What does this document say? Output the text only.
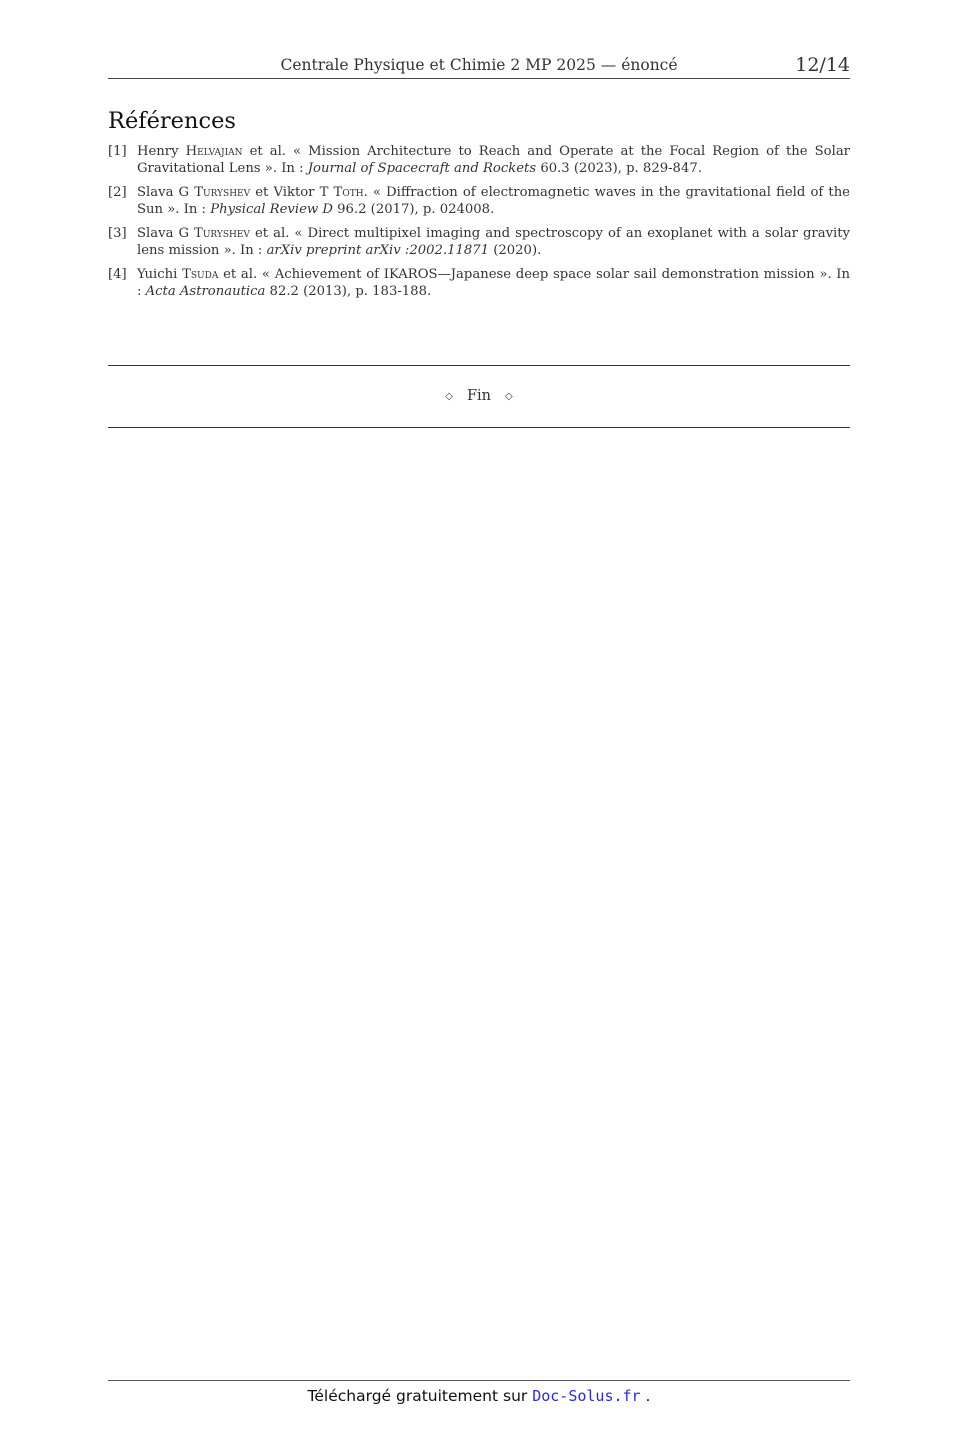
Centrale Physique et Chimie 2 MP 2025 — énoncé	12/14
Références
[1] Henry Helvajian et al. « Mission Architecture to Reach and Operate at the Focal Region of the Solar Gravitational Lens ». In : Journal of Spacecraft and Rockets 60.3 (2023), p. 829-847.
[2] Slava G Turyshev et Viktor T Toth. « Diffraction of electromagnetic waves in the gravitational field of the Sun ». In : Physical Review D 96.2 (2017), p. 024008.
[3] Slava G Turyshev et al. « Direct multipixel imaging and spectroscopy of an exoplanet with a solar gravity lens mission ». In : arXiv preprint arXiv :2002.11871 (2020).
[4] Yuichi Tsuda et al. « Achievement of IKAROS—Japanese deep space solar sail demonstration mission ». In : Acta Astronautica 82.2 (2013), p. 183-188.
◇ Fin ◇
Téléchargé gratuitement sur Doc-Solus.fr .
